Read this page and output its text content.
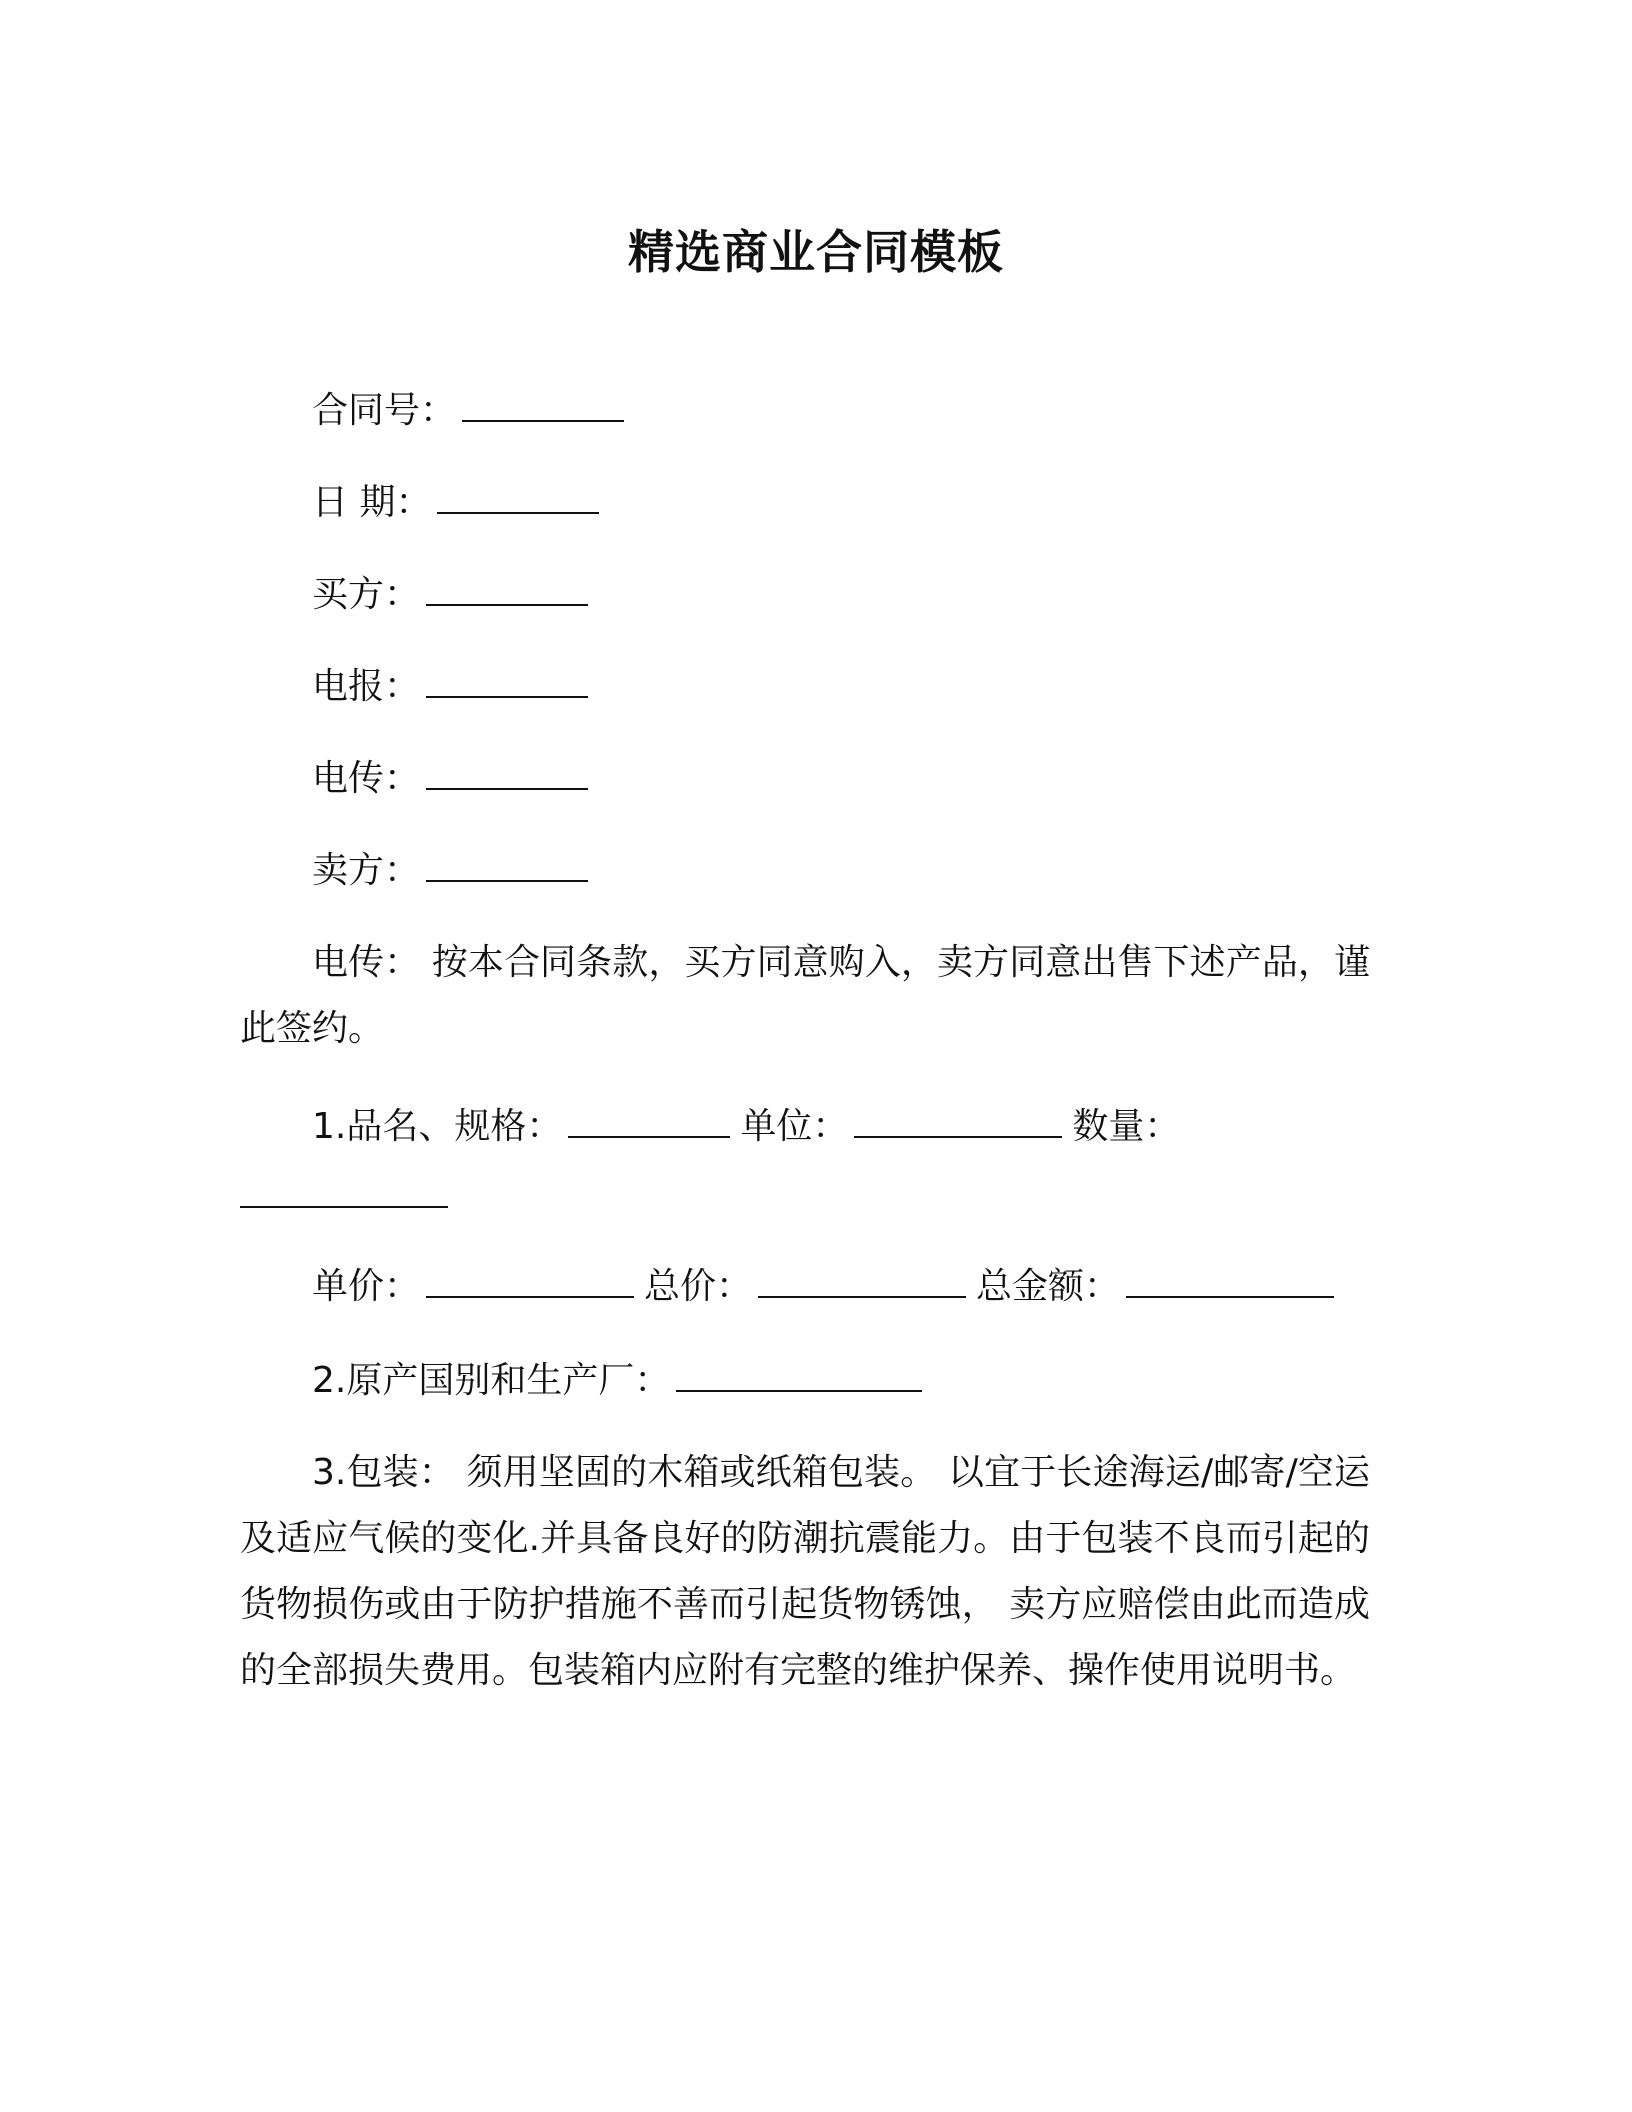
精选商业合同模板
合同号：
日 期：
买方：
电报：
电传：
卖方：
电传： 按本合同条款，买方同意购入，卖方同意出售下述产品，谨此签约。
1.品名、规格：	单位：	数量：
单价：	总价：	总金额：
2.原产国别和生产厂：
3.包装： 须用坚固的木箱或纸箱包装。 以宜于长途海运/邮寄/空运及适应气候的变化.并具备良好的防潮抗震能力。由于包装不良而引起的货物损伤或由于防护措施不善而引起货物锈蚀， 卖方应赔偿由此而造成的全部损失费用。包装箱内应附有完整的维护保养、操作使用说明书。
